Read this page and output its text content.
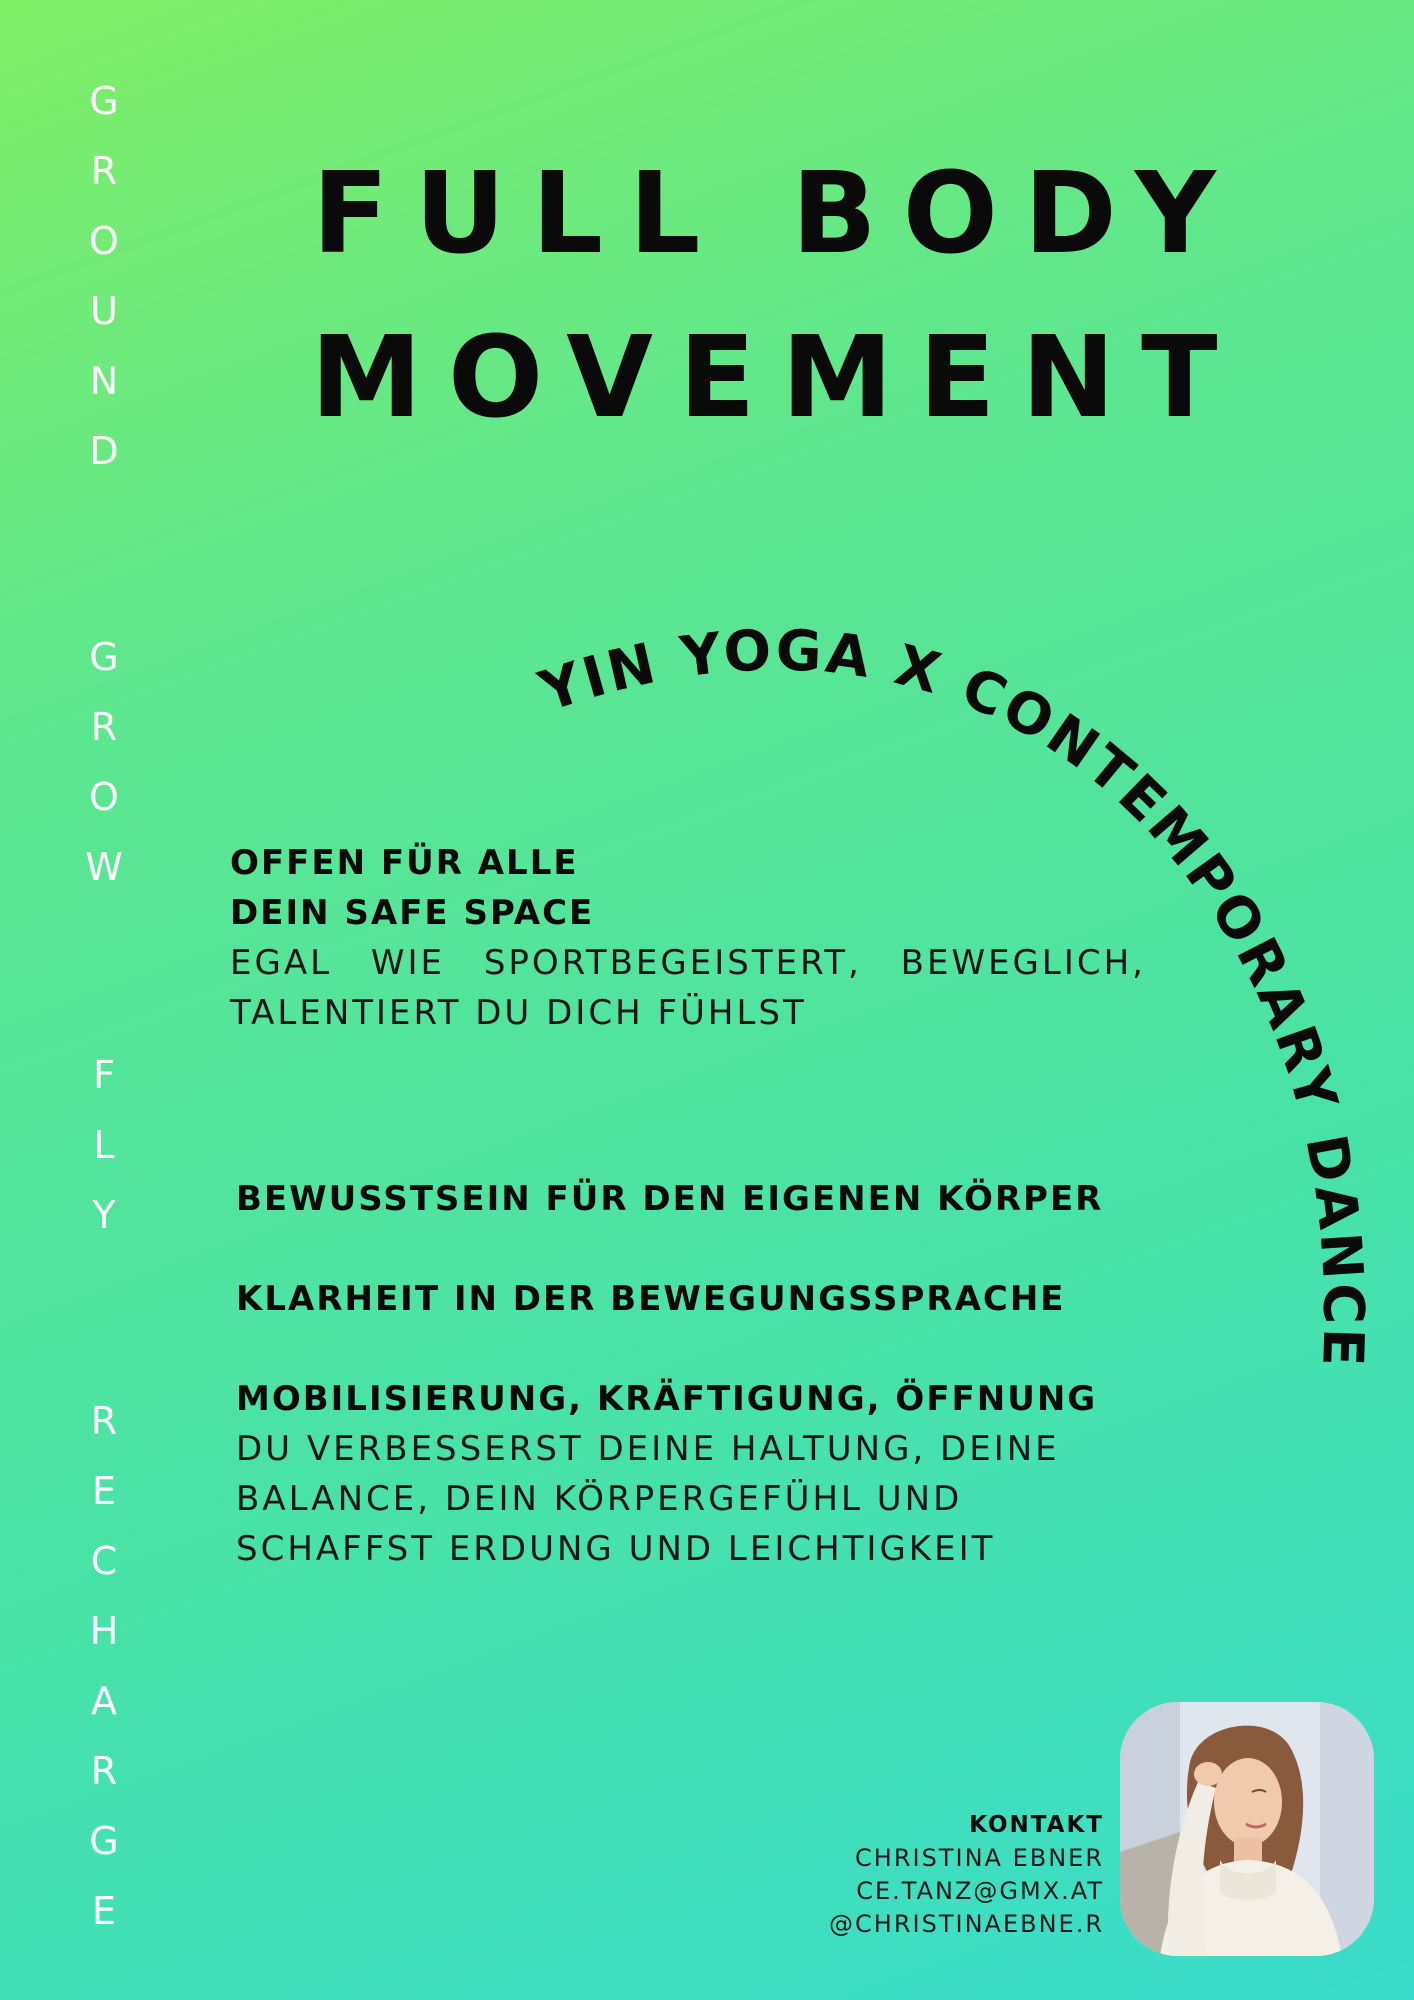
G
R
O
U
N
D
G
R
O
W
F
L
Y
R
E
C
H
A
R
G
E
FULL BODY
MOVEMENT
YIN YOGA X CONTEMPORARY DANCE
OFFEN FÜR ALLE
DEIN SAFE SPACE
EGAL WIE SPORTBEGEISTERT, BEWEGLICH, TALENTIERT DU DICH FÜHLST
BEWUSSTSEIN FÜR DEN EIGENEN KÖRPER
KLARHEIT IN DER BEWEGUNGSSPRACHE
MOBILISIERUNG, KRÄFTIGUNG, ÖFFNUNG
DU VERBESSERST DEINE HALTUNG, DEINE BALANCE, DEIN KÖRPERGEFÜHL UND SCHAFFST ERDUNG UND LEICHTIGKEIT
KONTAKT
CHRISTINA EBNER
CE.TANZ@GMX.AT
@CHRISTINAEBNE.R
